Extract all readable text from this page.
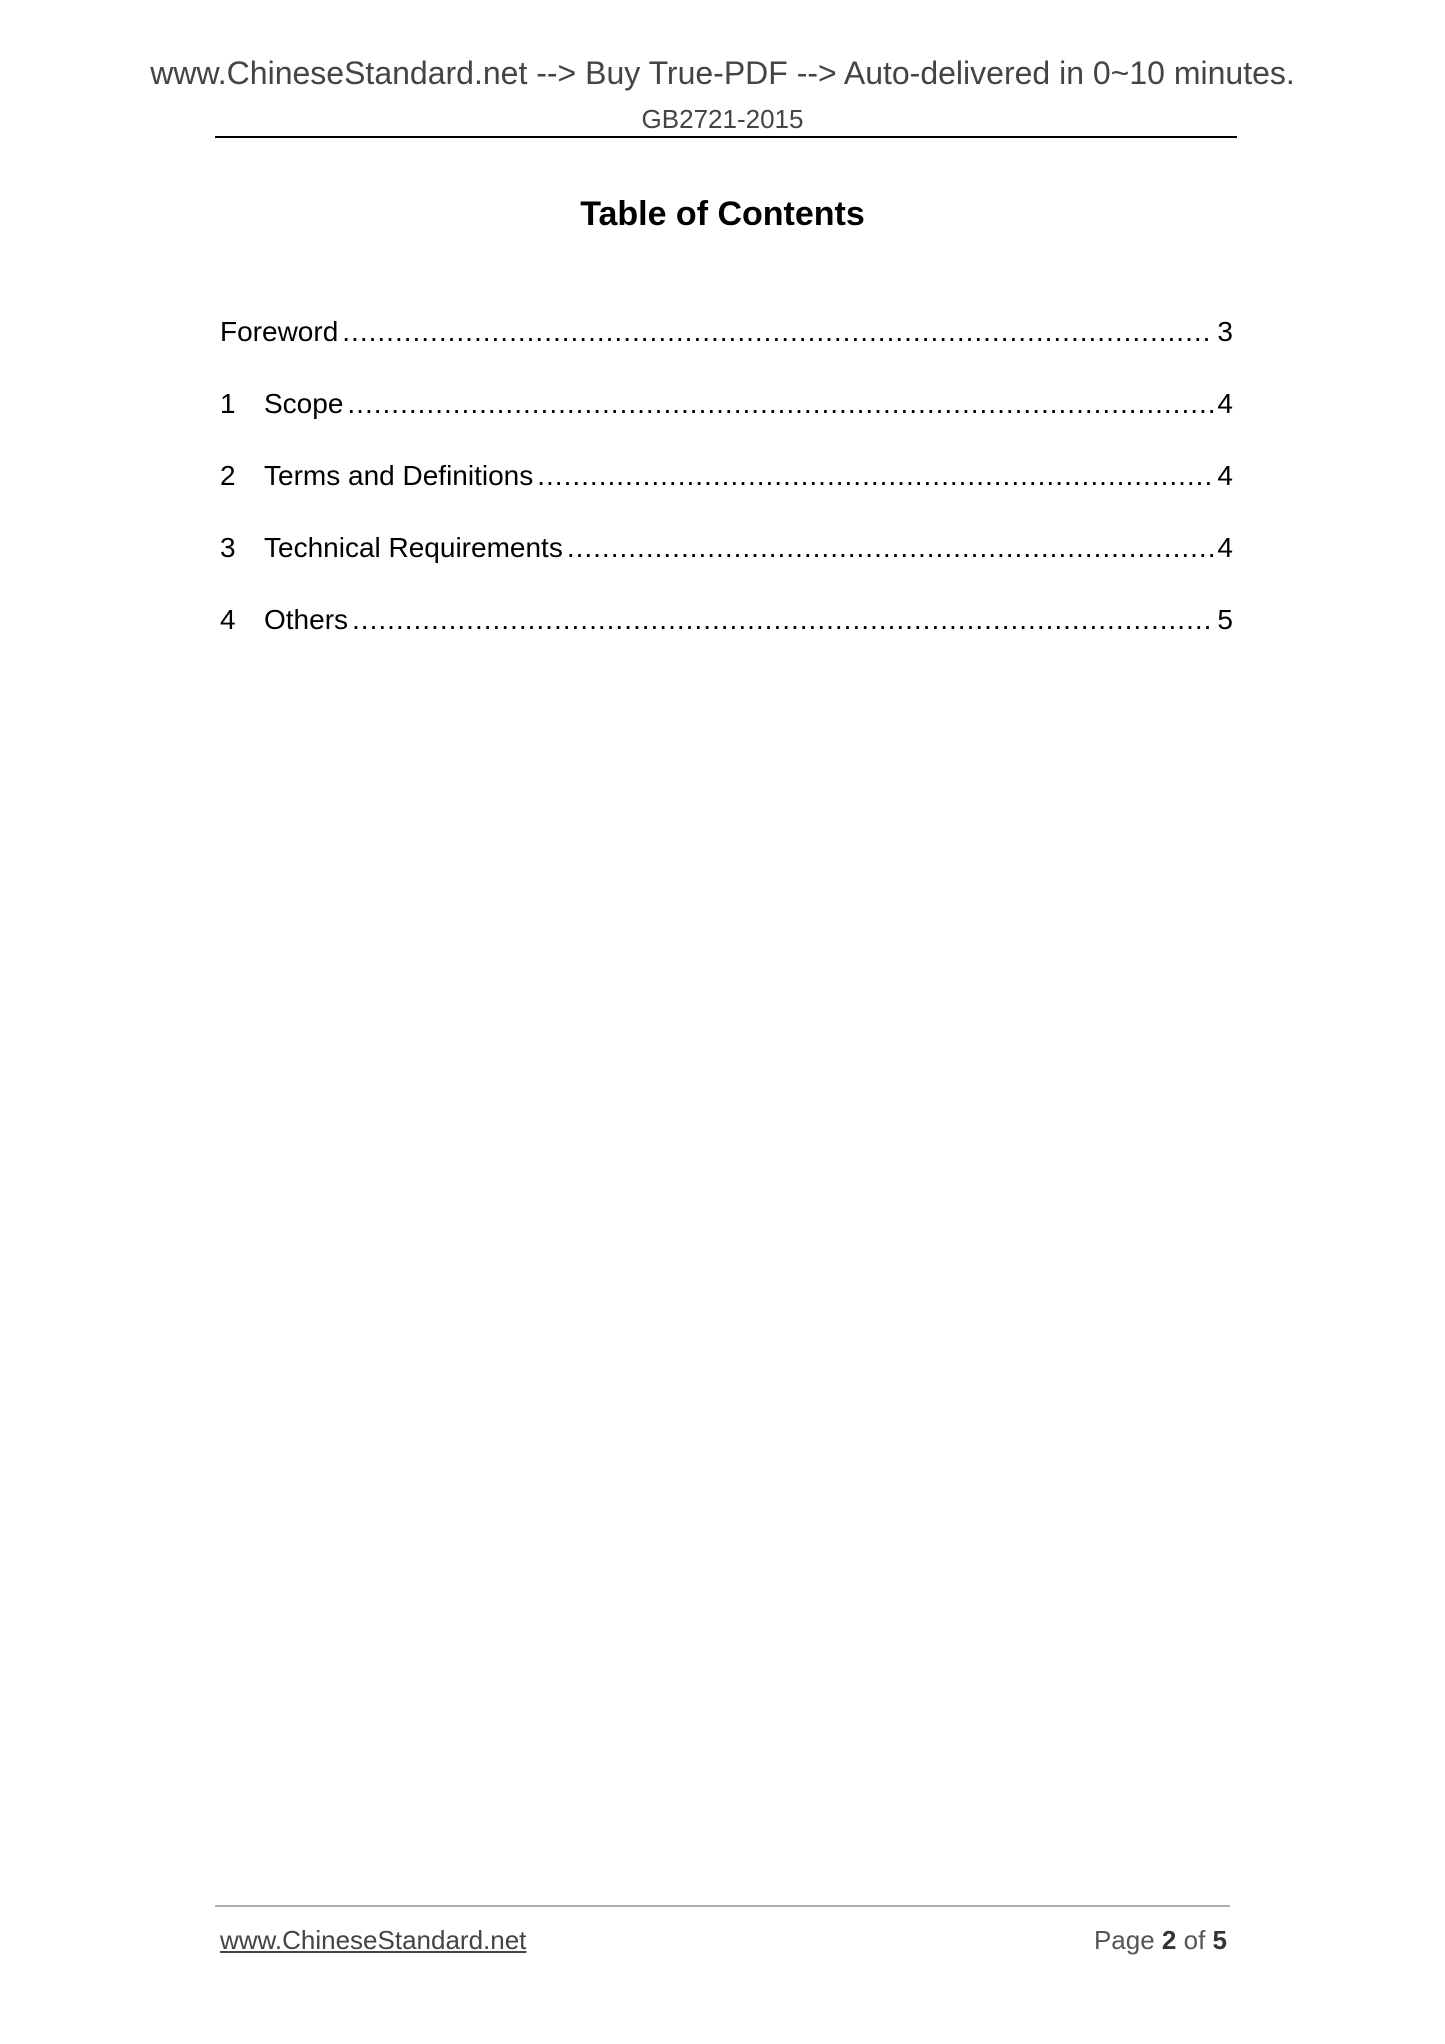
www.ChineseStandard.net --> Buy True-PDF --> Auto-delivered in 0~10 minutes.
GB2721-2015
Table of Contents
Foreword .....	3
1	Scope .....	4
2	Terms and Definitions .....	4
3	Technical Requirements .....	4
4	Others .....	5
www.ChineseStandard.net	Page 2 of 5
